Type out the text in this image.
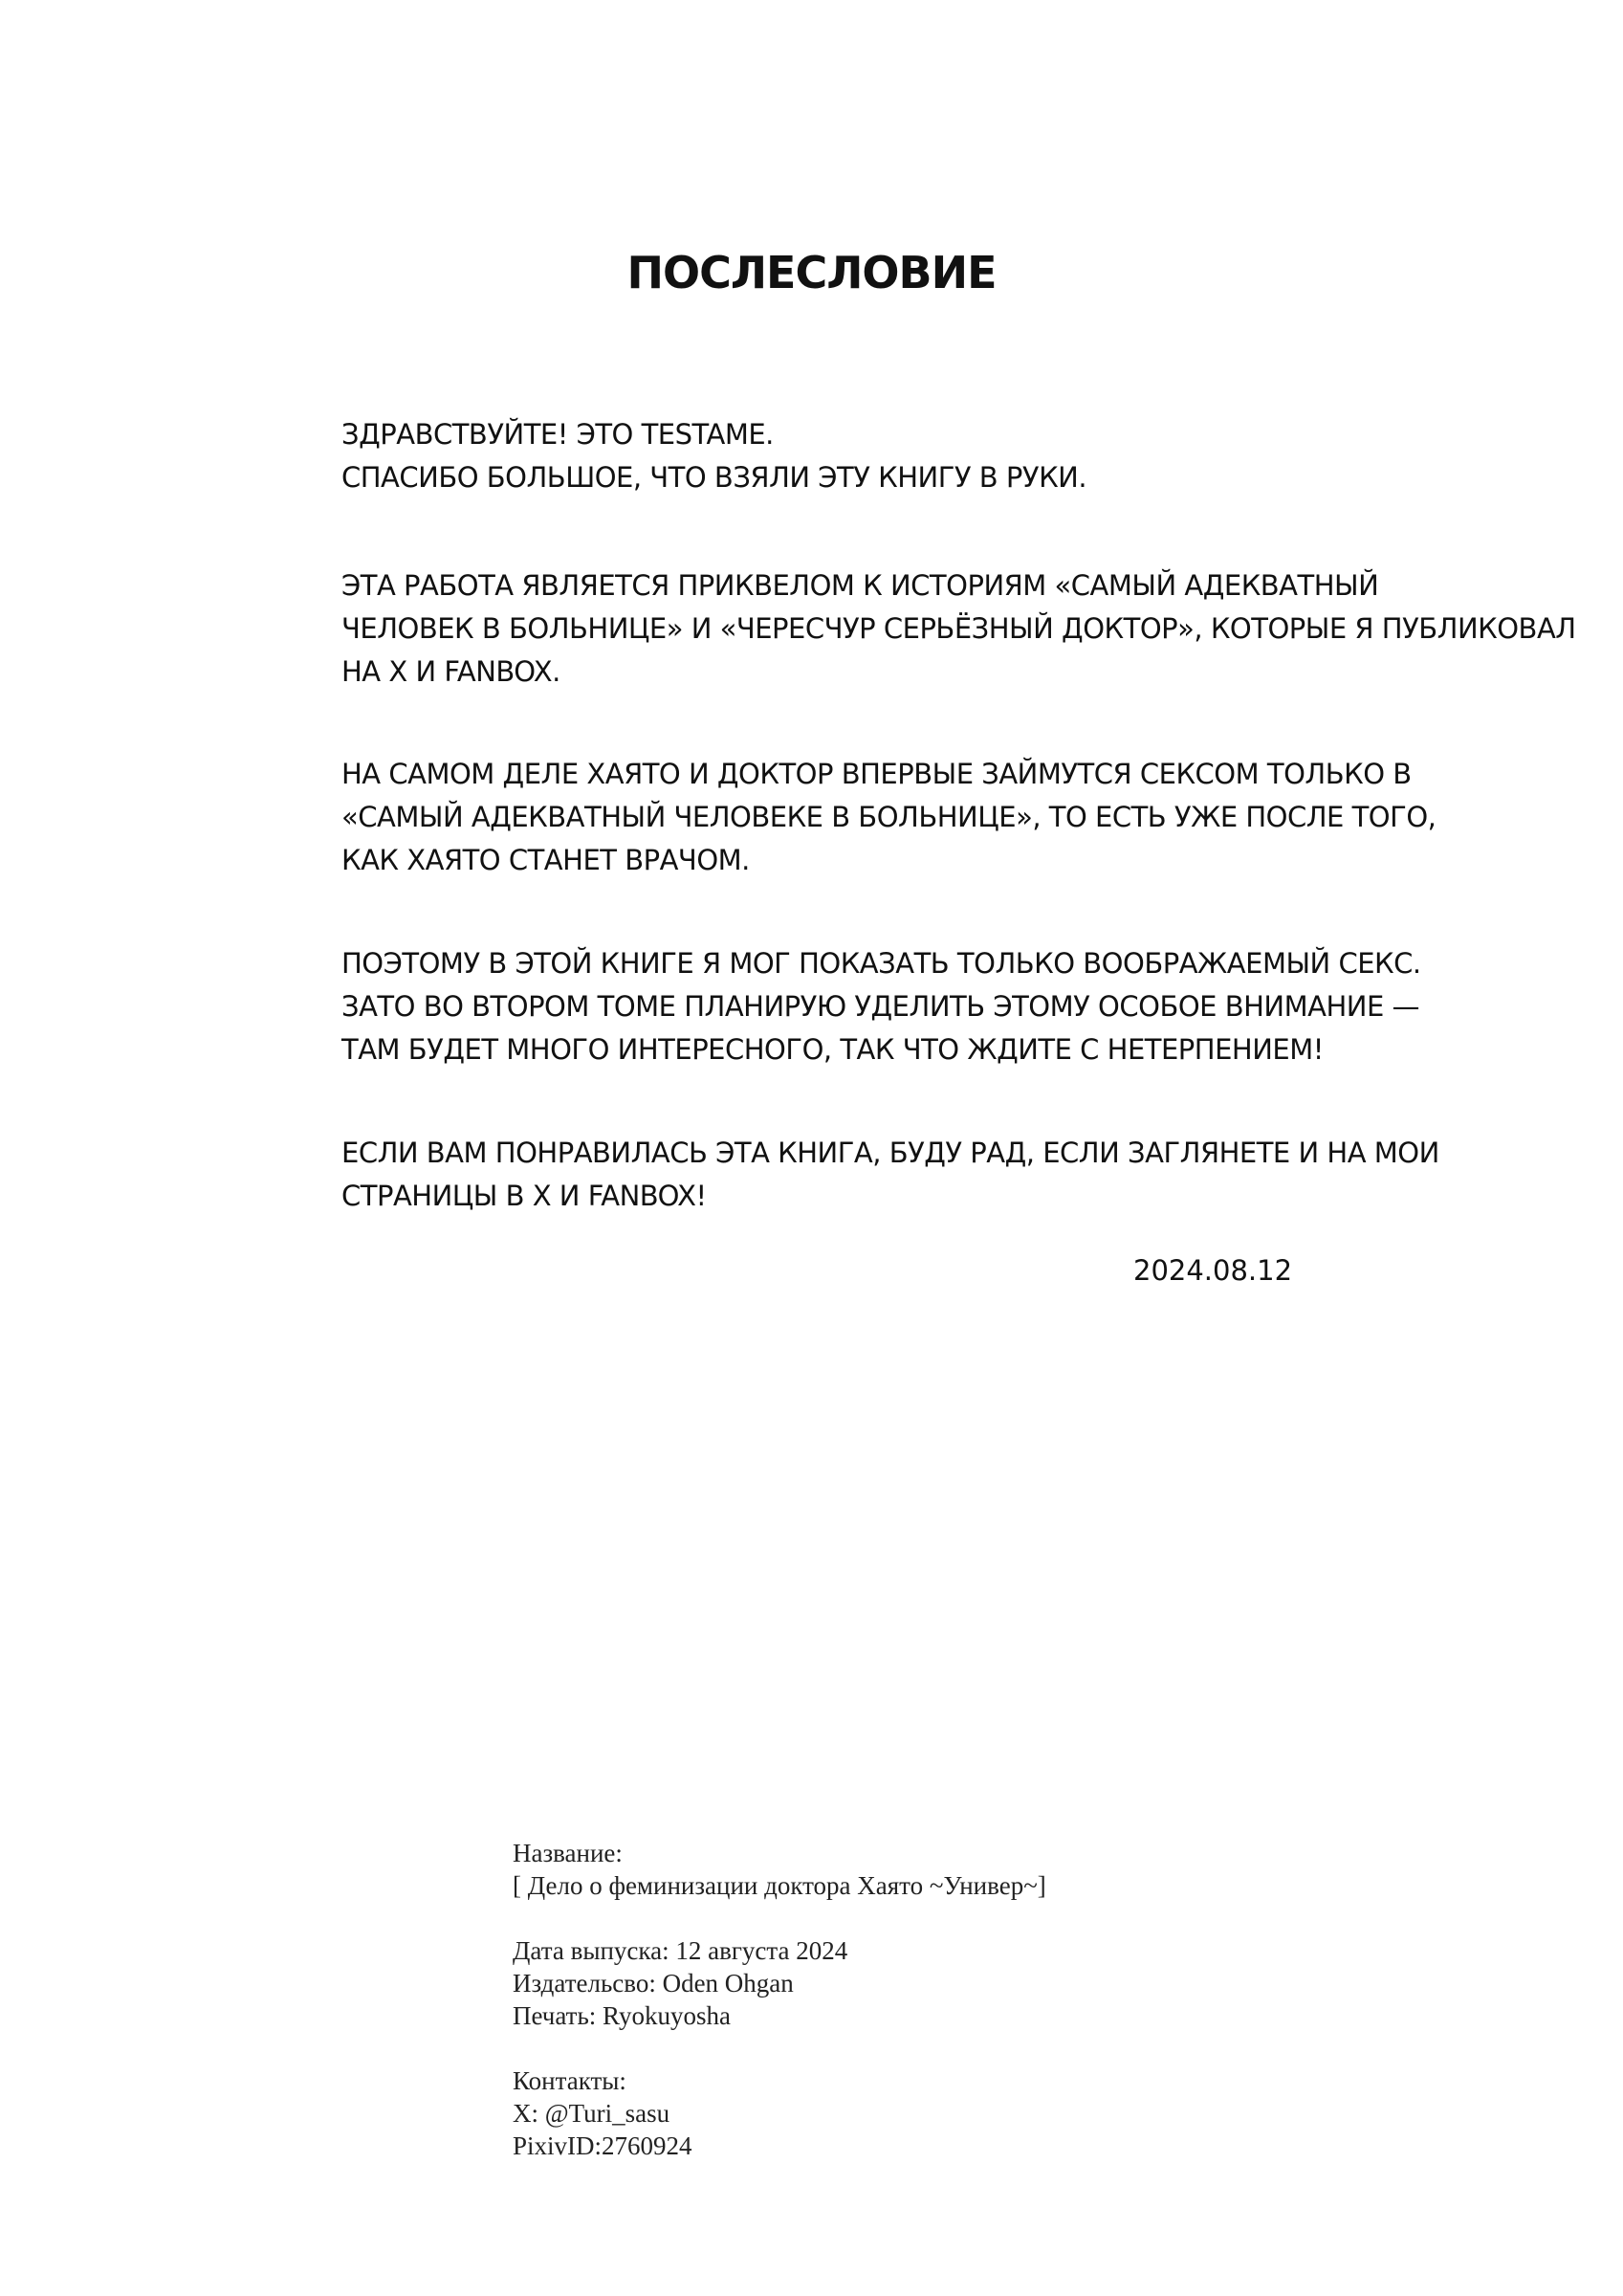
ПОСЛЕСЛОВИЕ
ЗДРАВСТВУЙТЕ! ЭТО TESTAME.
СПАСИБО БОЛЬШОЕ, ЧТО ВЗЯЛИ ЭТУ КНИГУ В РУКИ.
ЭТА РАБОТА ЯВЛЯЕТСЯ ПРИКВЕЛОМ К ИСТОРИЯМ «САМЫЙ АДЕКВАТНЫЙ
ЧЕЛОВЕК В БОЛЬНИЦЕ» И «ЧЕРЕСЧУР СЕРЬЁЗНЫЙ ДОКТОР», КОТОРЫЕ Я ПУБЛИКОВАЛ
НА X И FANBOX.
НА САМОМ ДЕЛЕ ХАЯТО И ДОКТОР ВПЕРВЫЕ ЗАЙМУТСЯ СЕКСОМ ТОЛЬКО В
«САМЫЙ АДЕКВАТНЫЙ ЧЕЛОВЕКЕ В БОЛЬНИЦЕ», ТО ЕСТЬ УЖЕ ПОСЛЕ ТОГО,
КАК ХАЯТО СТАНЕТ ВРАЧОМ.
ПОЭТОМУ В ЭТОЙ КНИГЕ Я МОГ ПОКАЗАТЬ ТОЛЬКО ВООБРАЖАЕМЫЙ СЕКС.
ЗАТО ВО ВТОРОМ ТОМЕ ПЛАНИРУЮ УДЕЛИТЬ ЭТОМУ ОСОБОЕ ВНИМАНИЕ —
ТАМ БУДЕТ МНОГО ИНТЕРЕСНОГО, ТАК ЧТО ЖДИТЕ С НЕТЕРПЕНИЕМ!
ЕСЛИ ВАМ ПОНРАВИЛАСЬ ЭТА КНИГА, БУДУ РАД, ЕСЛИ ЗАГЛЯНЕТЕ И НА МОИ
СТРАНИЦЫ В X И FANBOX!
2024.08.12
Название:
[ Дело о феминизации доктора Хаято ~Универ~]
Дата выпуска: 12 августа 2024
Издательсво: Oden Ohgan
Печать: Ryokuyosha
Контакты:
X: @Turi_sasu
PixivID:2760924
